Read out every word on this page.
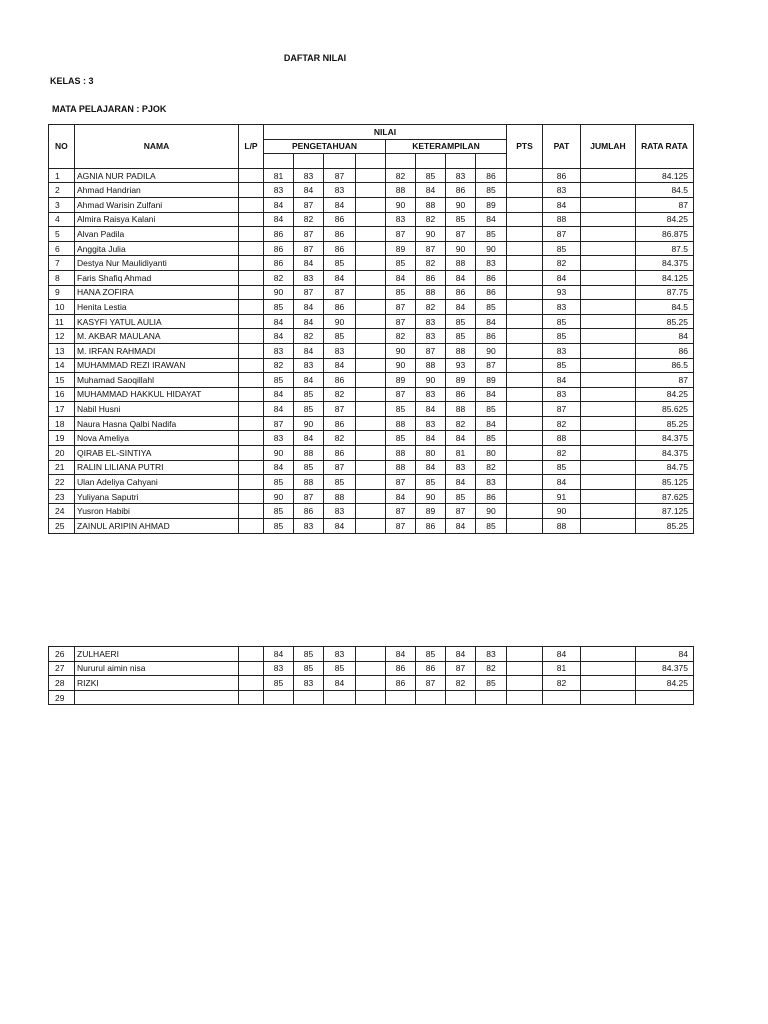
DAFTAR NILAI
KELAS : 3
MATA PELAJARAN : PJOK
NO	NAMA	L/P	NILAI								PTS	PAT	JUMLAH	RATA RATA
			PENGETAHUAN				KETERAMPILAN							

1	AGNIA NUR PADILA		81	83	87		82	85	83	86		86		84.125
2	Ahmad Handrian		83	84	83		88	84	86	85		83		84.5
3	Ahmad Warisin Zulfani		84	87	84		90	88	90	89		84		87
4	Almira Raisya Kalani		84	82	86		83	82	85	84		88		84.25
5	Alvan Padila		86	87	86		87	90	87	85		87		86.875
6	Anggita Julia		86	87	86		89	87	90	90		85		87.5
7	Destya Nur Maulidiyanti		86	84	85		85	82	88	83		82		84.375
8	Faris Shafiq Ahmad		82	83	84		84	86	84	86		84		84.125
9	HANA ZOFIRA		90	87	87		85	88	86	86		93		87.75
10	Henita Lestia		85	84	86		87	82	84	85		83		84.5
11	KASYFI YATUL AULIA		84	84	90		87	83	85	84		85		85.25
12	M. AKBAR MAULANA		84	82	85		82	83	85	86		85		84
13	M. IRFAN RAHMADI		83	84	83		90	87	88	90		83		86
14	MUHAMMAD REZI IRAWAN		82	83	84		90	88	93	87		85		86.5
15	Muhamad Saoqillahl		85	84	86		89	90	89	89		84		87
16	MUHAMMAD HAKKUL HIDAYAT		84	85	82		87	83	86	84		83		84.25
17	Nabil Husni		84	85	87		85	84	88	85		87		85.625
18	Naura Hasna Qalbi Nadifa		87	90	86		88	83	82	84		82		85.25
19	Nova Ameliya		83	84	82		85	84	84	85		88		84.375
20	QIRAB EL-SINTIYA		90	88	86		88	80	81	80		82		84.375
21	RALIN LILIANA PUTRI		84	85	87		88	84	83	82		85		84.75
22	Ulan Adeliya Cahyani		85	88	85		87	85	84	83		84		85.125
23	Yuliyana Saputri		90	87	88		84	90	85	86		91		87.625
24	Yusron Habibi		85	86	83		87	89	87	90		90		87.125
25	ZAINUL ARIPIN AHMAD		85	83	84		87	86	84	85		88		85.25
26	ZULHAERI		84	85	83		84	85	84	83		84		84
27	Nururul aimin nisa		83	85	85		86	86	87	82		81		84.375
28	RIZKI		85	83	84		86	87	82	85		82		84.25
29														
